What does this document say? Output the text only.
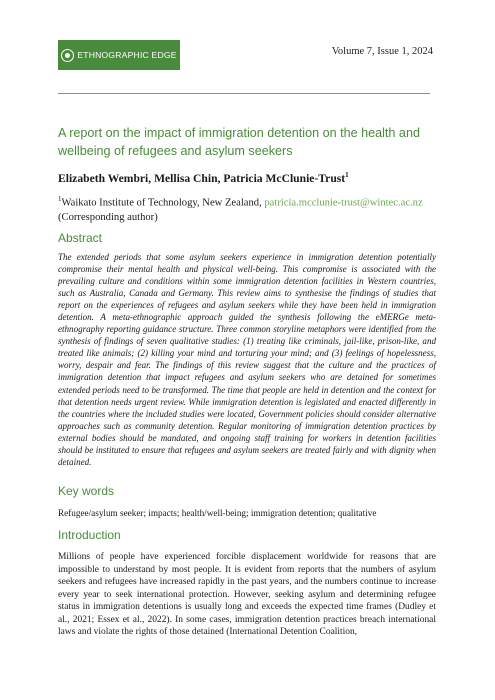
ETHNOGRAPHIC EDGE	Volume 7, Issue 1, 2024
A report on the impact of immigration detention on the health and wellbeing of refugees and asylum seekers
Elizabeth Wembri, Mellisa Chin, Patricia McClunie-Trust$^1$
$^1$Waikato Institute of Technology, New Zealand, patricia.mcclunie-trust@wintec.ac.nz (Corresponding author)
Abstract
The extended periods that some asylum seekers experience in immigration detention potentially compromise their mental health and physical well-being. This compromise is associated with the prevailing culture and conditions within some immigration detention facilities in Western countries, such as Australia, Canada and Germany. This review aims to synthesise the findings of studies that report on the experiences of refugees and asylum seekers while they have been held in immigration detention. A meta-ethnographic approach guided the synthesis following the eMERGe meta-ethnography reporting guidance structure. Three common storyline metaphors were identified from the synthesis of findings of seven qualitative studies: (1) treating like criminals, jail-like, prison-like, and treated like animals; (2) killing your mind and torturing your mind; and (3) feelings of hopelessness, worry, despair and fear. The findings of this review suggest that the culture and the practices of immigration detention that impact refugees and asylum seekers who are detained for sometimes extended periods need to be transformed. The time that people are held in detention and the context for that detention needs urgent review. While immigration detention is legislated and enacted differently in the countries where the included studies were located, Government policies should consider alternative approaches such as community detention. Regular monitoring of immigration detention practices by external bodies should be mandated, and ongoing staff training for workers in detention facilities should be instituted to ensure that refugees and asylum seekers are treated fairly and with dignity when detained.
Key words
Refugee/asylum seeker; impacts; health/well-being; immigration detention; qualitative
Introduction
Millions of people have experienced forcible displacement worldwide for reasons that are impossible to understand by most people. It is evident from reports that the numbers of asylum seekers and refugees have increased rapidly in the past years, and the numbers continue to increase every year to seek international protection. However, seeking asylum and determining refugee status in immigration detentions is usually long and exceeds the expected time frames (Dudley et al., 2021; Essex et al., 2022). In some cases, immigration detention practices breach international laws and violate the rights of those detained (International Detention Coalition,
